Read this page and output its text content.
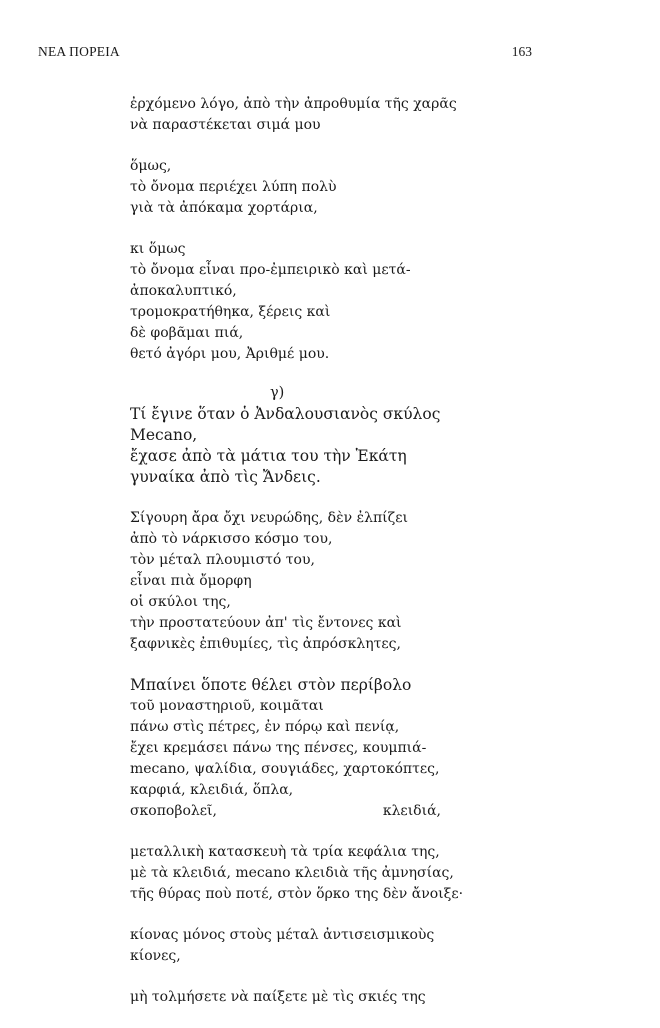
ΝΕΑ ΠΟΡΕΙΑ	163
ἐρχόμενο λόγο, ἀπὸ τὴν ἀπροθυμία τῆς χαρᾶς
νὰ παραστέκεται σιμά μου
ὅμως,
τὸ ὄνομα περιέχει λύπη πολὺ
γιὰ τὰ ἀπόκαμα χορτάρια,
κι ὅμως
τὸ ὄνομα εἶναι προ-ἐμπειρικὸ καὶ μετά-
ἀποκαλυπτικό,
τρομοκρατήθηκα, ξέρεις καὶ
δὲ φοβᾶμαι πιά,
θετό ἀγόρι μου, Ἀριθμέ μου.
γ)
Τί ἔγινε ὅταν ὁ Ἀνδαλουσιανὸς σκύλος
Mecano,
ἔχασε ἀπὸ τὰ μάτια του τὴν Ἑκάτη
γυναίκα ἀπὸ τὶς Ἄνδεις.
Σίγουρη ἄρα ὄχι νευρώδης, δὲν ἐλπίζει
ἀπὸ τὸ νάρκισσο κόσμο του,
τὸν μέταλ πλουμιστό του,
εἶναι πιὰ ὄμορφη
οἱ σκύλοι της,
τὴν προστατεύουν ἀπ' τὶς ἔντονες καὶ
ξαφνικὲς ἐπιθυμίες, τὶς ἀπρόσκλητες,
Μπαίνει ὅποτε θέλει στὸν περίβολο
τοῦ μοναστηριοῦ, κοιμᾶται
πάνω στὶς πέτρες, ἐν πόρῳ καὶ πενίᾳ,
ἔχει κρεμάσει πάνω της πένσες, κουμπιά-
mecano, ψαλίδια, σουγιάδες, χαρτοκόπτες,
καρφιά, κλειδιά, ὅπλα,
σκοποβολεῖ,	κλειδιά,
μεταλλικὴ κατασκευὴ τὰ τρία κεφάλια της,
μὲ τὰ κλειδιά, mecano κλειδιὰ τῆς ἀμνησίας,
τῆς θύρας ποὺ ποτέ, στὸν ὅρκο της δὲν ἄνοιξε·
κίονας μόνος στοὺς μέταλ ἀντισεισμικοὺς
κίονες,
μὴ τολμήσετε νὰ παίξετε μὲ τὶς σκιές της
